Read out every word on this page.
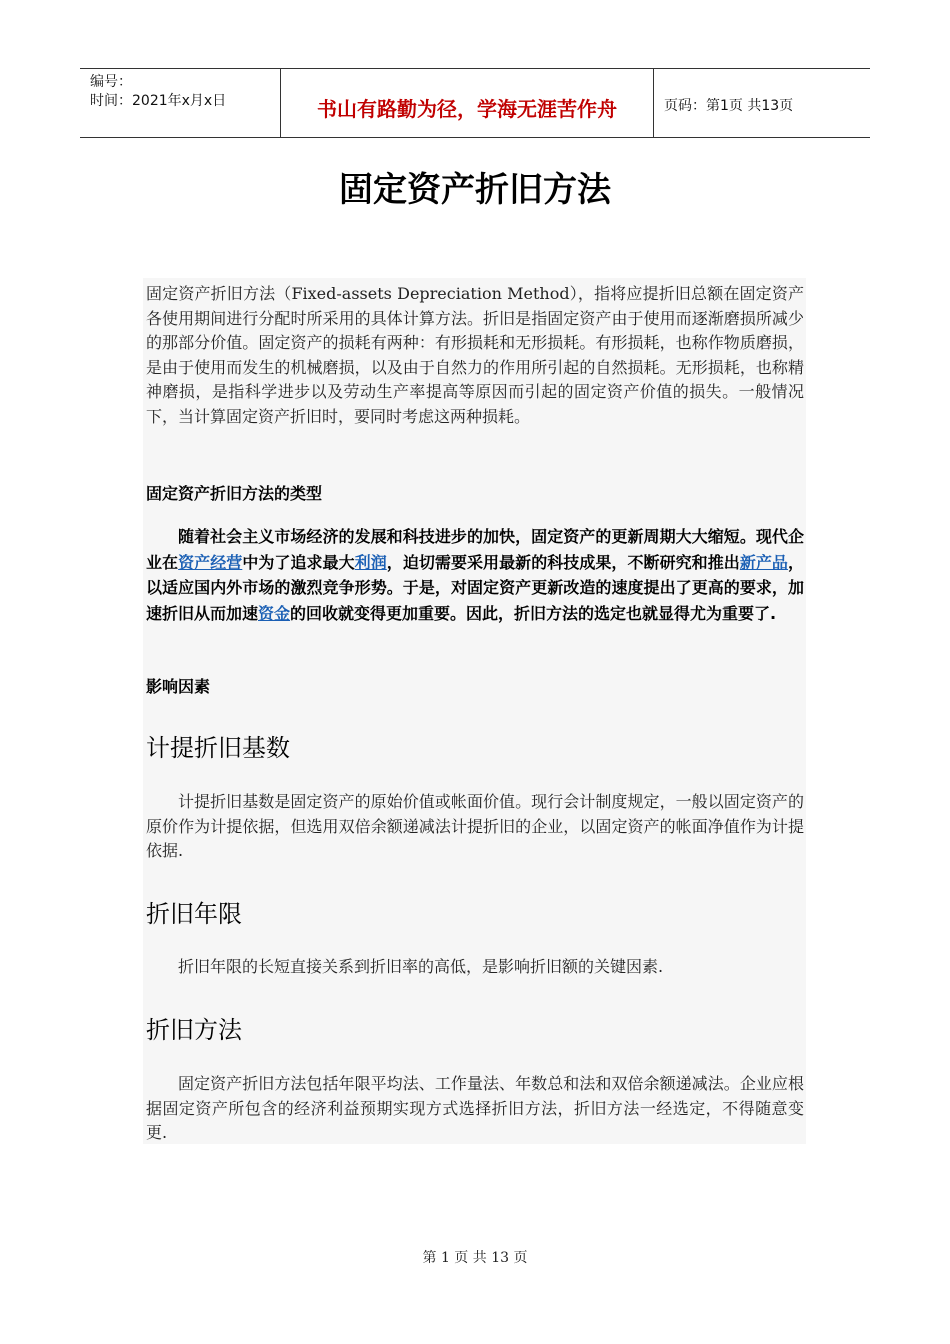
编号：
时间：2021年x月x日	书山有路勤为径，学海无涯苦作舟	页码：第1页 共13页
固定资产折旧方法
固定资产折旧方法（Fixed-assets Depreciation Method），指将应提折旧总额在固定资产各使用期间进行分配时所采用的具体计算方法。折旧是指固定资产由于使用而逐渐磨损所减少的那部分价值。固定资产的损耗有两种：有形损耗和无形损耗。有形损耗，也称作物质磨损，是由于使用而发生的机械磨损，以及由于自然力的作用所引起的自然损耗。无形损耗，也称精神磨损，是指科学进步以及劳动生产率提高等原因而引起的固定资产价值的损失。一般情况下，当计算固定资产折旧时，要同时考虑这两种损耗。
固定资产折旧方法的类型
随着社会主义市场经济的发展和科技进步的加快，固定资产的更新周期大大缩短。现代企业在资产经营中为了追求最大利润，迫切需要采用最新的科技成果，不断研究和推出新产品，以适应国内外市场的激烈竞争形势。于是，对固定资产更新改造的速度提出了更高的要求，加速折旧从而加速资金的回收就变得更加重要。因此，折旧方法的选定也就显得尤为重要了.
影响因素
计提折旧基数
计提折旧基数是固定资产的原始价值或帐面价值。现行会计制度规定，一般以固定资产的原价作为计提依据，但选用双倍余额递减法计提折旧的企业，以固定资产的帐面净值作为计提依据.
折旧年限
折旧年限的长短直接关系到折旧率的高低，是影响折旧额的关键因素.
折旧方法
固定资产折旧方法包括年限平均法、工作量法、年数总和法和双倍余额递减法。企业应根据固定资产所包含的经济利益预期实现方式选择折旧方法，折旧方法一经选定，不得随意变更.
第 1 页 共 13 页
